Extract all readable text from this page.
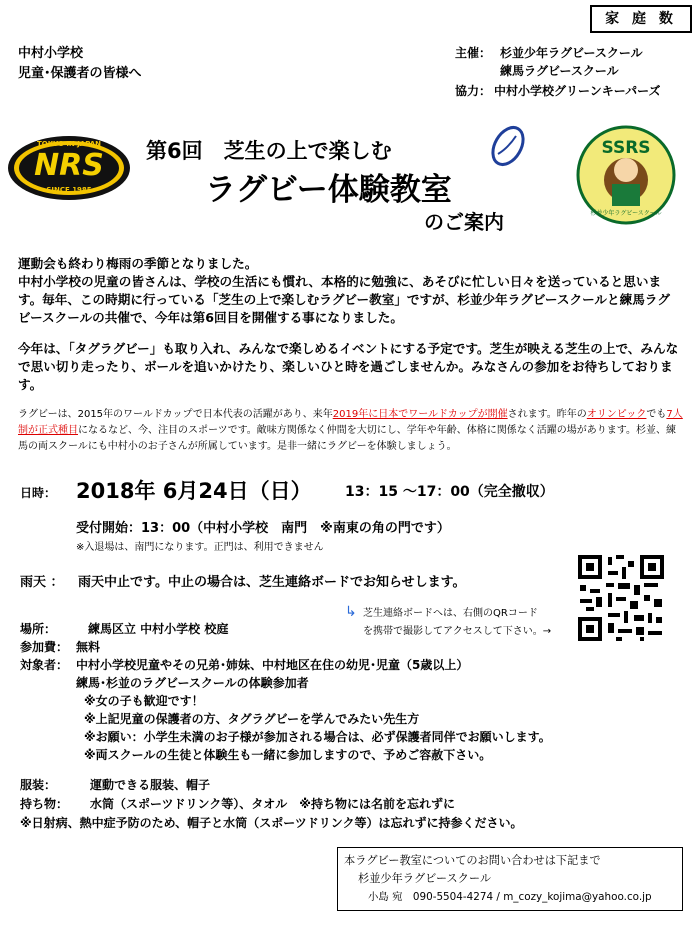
家 庭 数
中村小学校
児童･保護者の皆様へ
主催： 杉並少年ラグビースクール
練馬ラグビースクール
協力： 中村小学校グリーンキーパーズ
TOKYO IN JAPAN
NRS
SINCE 1985
SSRS
杉並少年ラグビースクール
第6回　芝生の上で楽しむ
ラグビー体験教室
のご案内
運動会も終わり梅雨の季節となりました。
中村小学校の児童の皆さんは、学校の生活にも慣れ、本格的に勉強に、あそびに忙しい日々を送っていると思います。毎年、この時期に行っている「芝生の上で楽しむラグビー教室」ですが、杉並少年ラグビースクールと練馬ラグビースクールの共催で、今年は第6回目を開催する事になりました。
今年は、「タグラグビー」も取り入れ、みんなで楽しめるイベントにする予定です。芝生が映える芝生の上で、みんなで思い切り走ったり、ボールを追いかけたり、楽しいひと時を過ごしませんか。みなさんの参加をお待ちしております。
ラグビーは、2015年のワールドカップで日本代表の活躍があり、来年2019年に日本でワールドカップが開催されます。昨年のオリンピックでも7人制が正式種目になるなど、今、注目のスポーツです。敵味方関係なく仲間を大切にし、学年や年齢、体格に関係なく活躍の場があります。杉並、練馬の両スクールにも中村小のお子さんが所属しています。是非一緒にラグビーを体験しましょう。
日時： 2018年 6月24日（日） 13：15 ～17：00（完全撤収）
受付開始：13：00（中村小学校　南門　※南東の角の門です）
※入退場は、南門になります。正門は、利用できません
雨天 ： 雨天中止です。中止の場合は、芝生連絡ボードでお知らせします。
↳ 芝生連絡ボードへは、右側のQRコード
を携帯で撮影してアクセスして下さい。→
場所：	練馬区立 中村小学校 校庭
参加費： 無料
対象者： 中村小学校児童やその兄弟･姉妹、中村地区在住の幼児･児童（5歳以上）
練馬･杉並のラグビースクールの体験参加者
※女の子も歓迎です！
※上記児童の保護者の方、タグラグビーを学んでみたい先生方
※お願い：小学生未満のお子様が参加される場合は、必ず保護者同伴でお願いします。
※両スクールの生徒と体験生も一緒に参加しますので、予めご容赦下さい。
服装：	運動できる服装、帽子
持ち物： 水筒（スポーツドリンク等）、タオル　※持ち物には名前を忘れずに
※日射病、熱中症予防のため、帽子と水筒（スポーツドリンク等）は忘れずに持参ください。
本ラグビー教室についてのお問い合わせは下記まで
杉並少年ラグビースクール
小島 宛　090-5504-4274 / m_cozy_kojima@yahoo.co.jp
